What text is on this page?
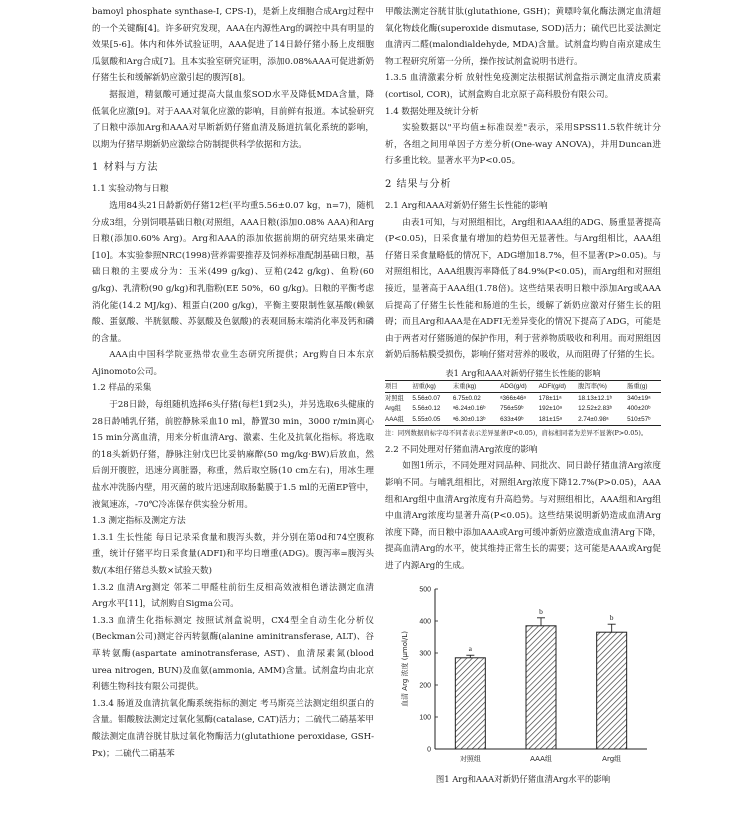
bamoyl phosphate synthase-Ⅰ, CPS-Ⅰ)，是新上皮细胞合成Arg过程中的一个关键酶[4]。许多研究发现，AAA在内源性Arg的调控中具有明显的效果[5-6]。体内和体外试验证明，AAA促进了14日龄仔猪小肠上皮细胞瓜氨酸和Arg合成[7]。且本实验室研究证明，添加0.08%AAA可促进新奶仔猪生长和缓解新奶应激引起的腹泻[8]。

据报道，精氨酸可通过提高大鼠血浆SOD水平及降低MDA含量，降低氧化应激[9]。对于AAA对氧化应激的影响，目前鲜有报道。本试验研究了日粮中添加Arg和AAA对早断新奶仔猪血清及肠道抗氧化系统的影响，以期为仔猪早期新奶应激综合防制提供科学依据和方法。

1 材料与方法
1.1 实验动物与日粮

选用84头21日龄新奶仔猪12栏(平均重5.56±0.07 kg，n=7)，随机分成3组，分别饲喂基础日粮(对照组，AAA日粮(添加0.08% AAA)和Arg日粮(添加0.60% Arg)。Arg和AAA的添加依据前期的研究结果来确定[10]。本实验参照NRC(1998)营养需要推荐及饲养标准配制基础日粮，基础日粮的主要成分为：玉米(499 g/kg)、豆粕(242 g/kg)、鱼粉(60 g/kg)、乳清粉(90 g/kg)和乳脂粉(EE 50%，60 g/kg)。日粮的平衡考虑消化能(14.2 MJ/kg)、粗蛋白(200 g/kg)，平衡主要限制性氨基酸(赖氨酸、蛋氨酸、半胱氨酸、苏氨酸及色氨酸)的表观回肠末端消化率及钙和磷的含量。

AAA由中国科学院亚热带农业生态研究所提供；Arg购自日本东京Ajinomoto公司。

1.2 样品的采集

于28日龄，每组随机选择6头仔猪(每栏1到2头)，并另选取6头健康的28日龄哺乳仔猪，前腔静脉采血10 ml，静置30 min，3000 r/min离心15 min分离血清，用来分析血清Arg、激素、生化及抗氧化指标。将选取的18头新奶仔猪，静脉注射戊巴比妥钠麻醉(50 mg/kg·BW)后放血，然后剖开腹腔，迅速分离脏器，称重，然后取空肠(10 cm左右)，用冰生理盐水冲洗肠内壁，用灭菌的玻片迅速刮取肠黏膜于1.5 ml的无菌EP管中，液氮速冻，-70℃冷冻保存供实验分析用。

1.3 测定指标及测定方法

1.3.1 生长性能 每日记录采食量和腹泻头数，并分别在第0d和74空腹称重，统计仔猪平均日采食量(ADFI)和平均日增重(ADG)。腹泻率=腹泻头数/(本组仔猪总头数×试验天数)

1.3.2 血清Arg测定 邻苯二甲醛柱前衍生反相高效液相色谱法测定血清Arg水平[11]，试剂购自Sigma公司。

1.3.3 血清生化指标测定 按照试剂盒说明，CX4型全自动生化分析仪(Beckman公司)测定谷丙转氨酶(alanine aminitransferase, ALT)、谷草转氨酶(aspartate aminotransferase, AST)、血清尿素氮(blood urea nitrogen, BUN)及血氨(ammonia, AMM)含量。试剂盒均由北京利德生物科技有限公司提供。

1.3.4 肠道及血清抗氧化酶系统指标的测定 考马斯亮兰法测定组织蛋白的含量。钼酸胺法测定过氧化氢酶(catalase, CAT)活力；二硫代二硝基苯甲酸法测定血清谷胱甘肽过氧化物酶活力(glutathione peroxidase, GSH-Px)；二硫代二硝基苯

甲酸法测定谷胱甘肽(glutathione, GSH)；黄嘌呤氧化酶法测定血清超氧化物歧化酶(superoxide dismutase, SOD)活力；硫代巴比妥法测定血清丙二醛(malondialdehyde, MDA)含量。试剂盒均购自南京建成生物工程研究所第一分所，操作按试剂盒说明书进行。

1.3.5 血清激素分析 放射性免疫测定法根据试剂盒指示测定血清皮质素(cortisol, COR)，试剂盒购自北京原子高科股份有限公司。

1.4 数据处理及统计分析

实验数据以"平均值±标准误差"表示，采用SPSS11.5软件统计分析，各组之间用单因子方差分析(One-way ANOVA)，并用Duncan进行多重比较。显著水平为P<0.05。

2 结果与分析
2.1 Arg和AAA对新奶仔猪生长性能的影响

由表1可知，与对照组相比，Arg组和AAA组的ADG、肠重显著提高(P<0.05)，日采食量有增加的趋势但无显著性。与Arg组相比，AAA组仔猪日采食量略低的情况下，ADG增加18.7%，但不显著(P>0.05)。与对照组相比，AAA组腹泻率降低了84.9%(P<0.05)，而Arg组和对照组接近，显著高于AAA组(1.78倍)。这些结果表明日粮中添加Arg或AAA后提高了仔猪生长性能和肠道的生长，缓解了新奶应激对仔猪生长的阻碍；而且Arg和AAA是在ADFI无差异变化的情况下提高了ADG，可能是由于两者对仔猪肠道的保护作用，利于营养物质吸收和利用。而对照组因新奶后肠粘膜受损伤，影响仔猪对营养的吸收，从而阻碍了仔猪的生长。

表1 Arg和AAA对新奶仔猪生长性能的影响
项目	初重(kg)	末重(kg)	ADG(g/d)	ADFI(g/d)	腹泻率(%)	肠重(g)
对照组	5.56±0.07	6.75±0.02	ᵃ366±46ᵃ	178±11ᵃ	18.13±12.1ᵇ	340±19ᵃ
Arg组	5.56±0.12	ᵃ6.24±0.16ᵇ	756±59ᵇ	192±10ᵃ	12.52±2.83ᵇ	400±20ᵇ
AAA组	5.55±0.05	ᵃ6.30±0.13ᵇ	633±49ᵇ	181±15ᵃ	2.74±0.98ᵃ	510±57ᵇ

注：同列数据肩标字母不同者表示差异显著(P<0.05)，肩标相同者为差异不显著(P>0.05)。

2.2 不同处理对仔猪血清Arg浓度的影响

如图1所示，不同处理对同品种、同批次、同日龄仔猪血清Arg浓度影响不同。与哺乳组相比，对照组Arg浓度下降12.7%(P>0.05)，AAA组和Arg组中血清Arg浓度有升高趋势。与对照组相比，AAA组和Arg组中血清Arg浓度均显著升高(P<0.05)。这些结果说明新奶造成血清Arg浓度下降，而日粮中添加AAA或Arg可缓冲新奶应激造成血清Arg下降，提高血清Arg的水平，使其维持正常生长的需要；这可能是AAA或Arg促进了内源Arg的生成。

0
100
200
300
400
500
血清 Arg 浓度 (μmol/L)	a
对照组
b
AAA组
b
Arg组
图1 Arg和AAA对新奶仔猪血清Arg水平的影响
